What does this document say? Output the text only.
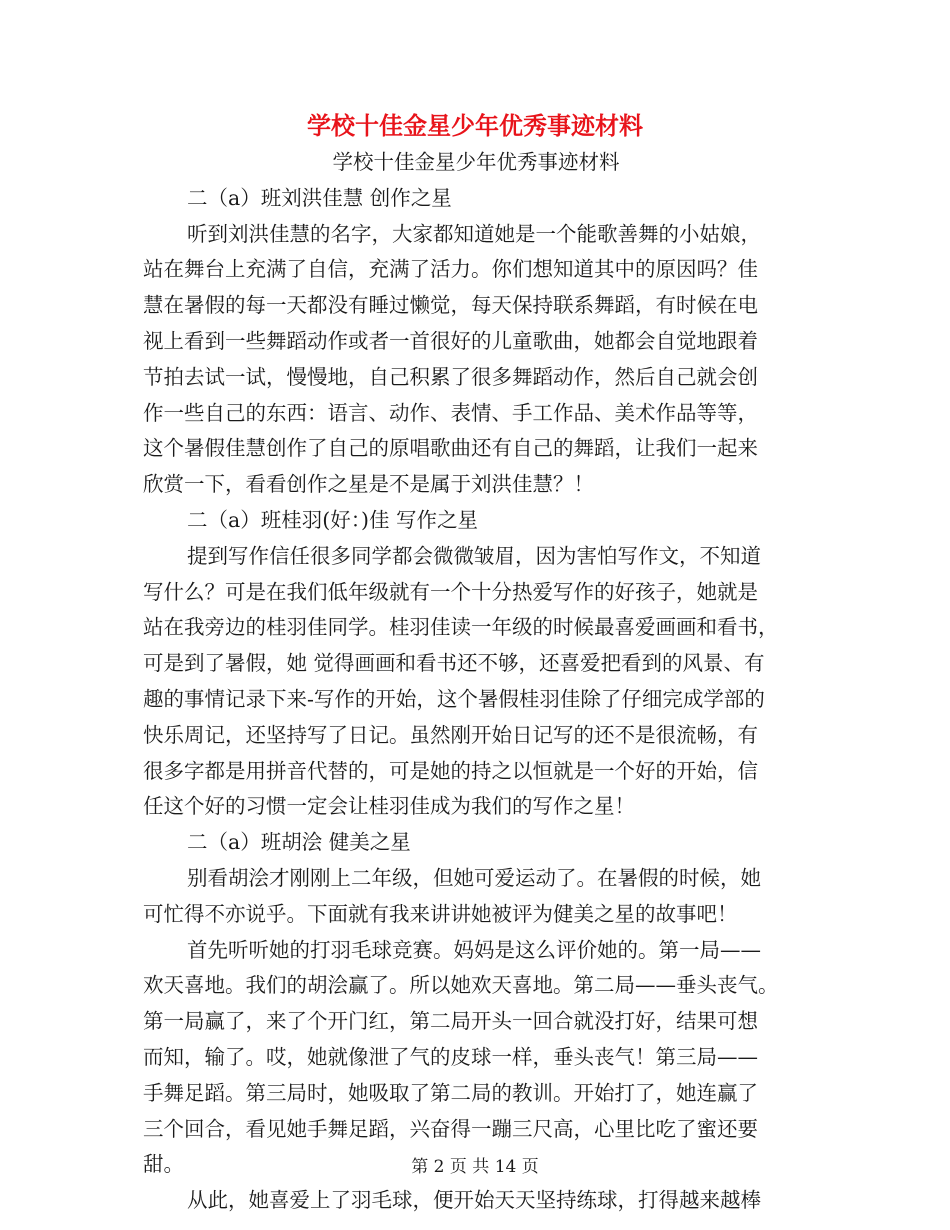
学校十佳金星少年优秀事迹材料
学校十佳金星少年优秀事迹材料
二（a）班刘洪佳慧 创作之星
听到刘洪佳慧的名字，大家都知道她是一个能歌善舞的小姑娘，
站在舞台上充满了自信，充满了活力。你们想知道其中的原因吗？佳
慧在暑假的每一天都没有睡过懒觉，每天保持联系舞蹈，有时候在电
视上看到一些舞蹈动作或者一首很好的儿童歌曲，她都会自觉地跟着
节拍去试一试，慢慢地，自己积累了很多舞蹈动作，然后自己就会创
作一些自己的东西：语言、动作、表情、手工作品、美术作品等等，
这个暑假佳慧创作了自己的原唱歌曲还有自己的舞蹈，让我们一起来
欣赏一下，看看创作之星是不是属于刘洪佳慧？！
二（a）班桂羽(好：)佳 写作之星
提到写作信任很多同学都会微微皱眉，因为害怕写作文，不知道
写什么？可是在我们低年级就有一个十分热爱写作的好孩子，她就是
站在我旁边的桂羽佳同学。桂羽佳读一年级的时候最喜爱画画和看书，
可是到了暑假，她 觉得画画和看书还不够，还喜爱把看到的风景、有
趣的事情记录下来-写作的开始，这个暑假桂羽佳除了仔细完成学部的
快乐周记，还坚持写了日记。虽然刚开始日记写的还不是很流畅，有
很多字都是用拼音代替的，可是她的持之以恒就是一个好的开始，信
任这个好的习惯一定会让桂羽佳成为我们的写作之星！
二（a）班胡浍 健美之星
别看胡浍才刚刚上二年级，但她可爱运动了。在暑假的时候，她
可忙得不亦说乎。下面就有我来讲讲她被评为健美之星的故事吧！
首先听听她的打羽毛球竞赛。妈妈是这么评价她的。第一局——
欢天喜地。我们的胡浍赢了。所以她欢天喜地。第二局——垂头丧气。
第一局赢了，来了个开门红，第二局开头一回合就没打好，结果可想
而知，输了。哎，她就像泄了气的皮球一样，垂头丧气！第三局——
手舞足蹈。第三局时，她吸取了第二局的教训。开始打了，她连赢了
三个回合，看见她手舞足蹈，兴奋得一蹦三尺高，心里比吃了蜜还要
甜。
从此，她喜爱上了羽毛球，便开始天天坚持练球，打得越来越棒
第 2 页 共 14 页
